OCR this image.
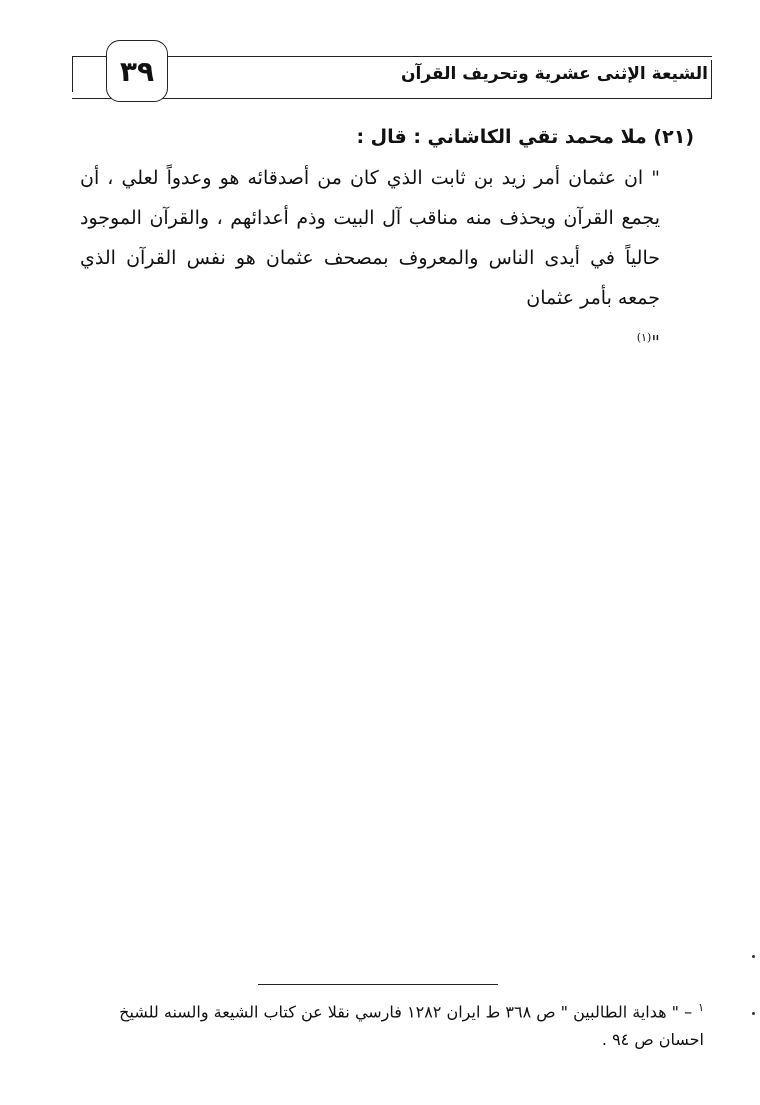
٣٩	الشيعة الإثنى عشرية وتحريف القرآن
(٢١) ملا محمد تقي الكاشاني : قال :

" ان عثمان أمر زيد بن ثابت الذي كان من أصدقائه هو وعدواً لعلي ، أن يجمع القرآن ويحذف منه مناقب آل البيت وذم أعدائهم ، والقرآن الموجود حالياً في أيدى الناس والمعروف بمصحف عثمان هو نفس القرآن الذي جمعه بأمر عثمان

"$^{(١)}$

$^١$– " هداية الطالبين " ص ٣٦٨ ط ايران ١٢٨٢ فارسي نقلا عن كتاب الشيعة والسنه للشيخ

احسان ص ٩٤ .
